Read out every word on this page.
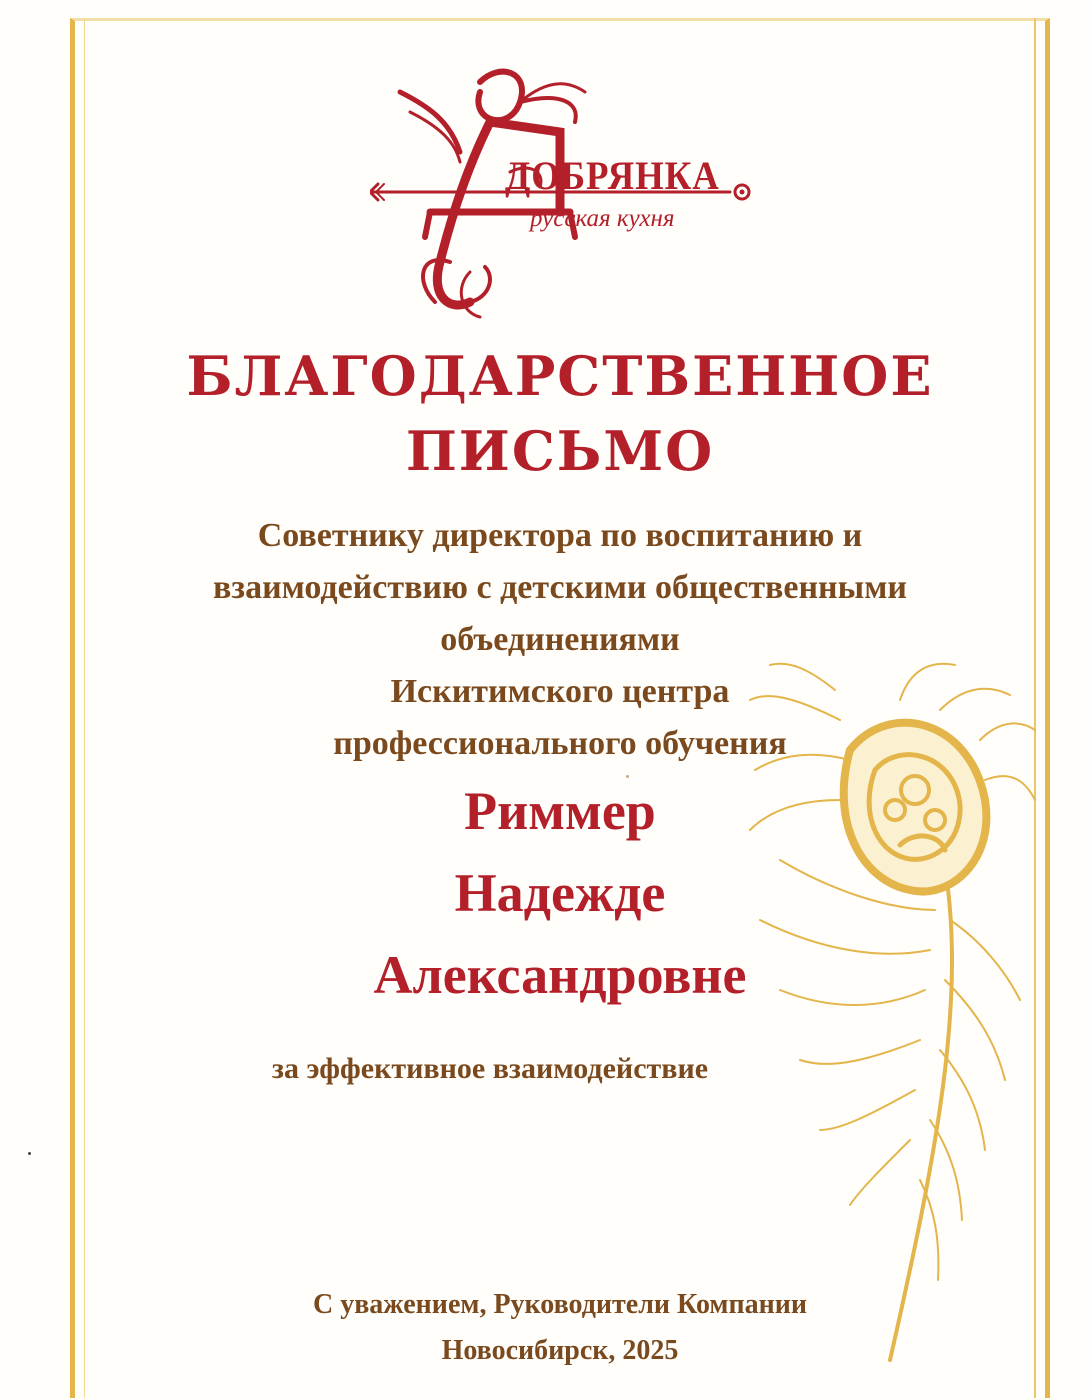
ДОБРЯНКА
русская кухня
БЛАГОДАРСТВЕННОЕ
ПИСЬМО
Советнику директора по воспитанию и
взаимодействию с детскими общественными
объединениями
Искитимского центра
профессионального обучения
Риммер
Надежде
Александровне
за эффективное взаимодействие
С уважением, Руководители Компании
Новосибирск, 2025
